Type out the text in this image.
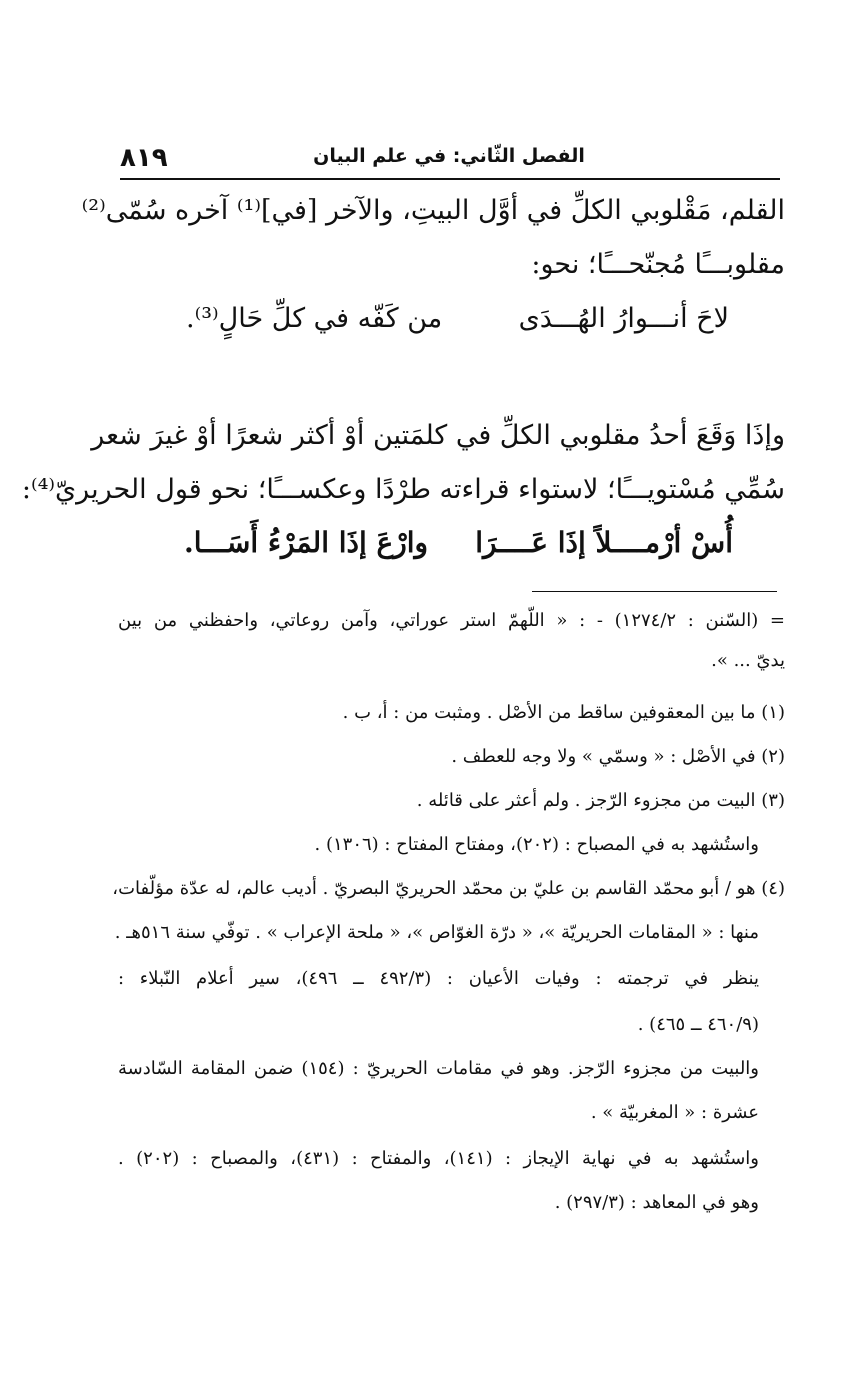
٨١٩	الفصل الثّاني: في علم البيان
القلم، مَقْلوبي الكلِّ في أوَّل البيتِ، والآخر [في]⁽¹⁾ آخره سُمّى⁽²⁾
مقلوبـــًا مُجنّحـــًا؛ نحو:
لاحَ أنـــوارُ الهُـــدَى
من كَفّه في كلِّ حَالٍ⁽³⁾.
وإذَا وَقَعَ أحدُ مقلوبي الكلِّ في كلمَتين أوْ أكثر شعرًا أوْ غيرَ شعر
سُمِّي مُسْتويـــًا؛ لاستواء قراءته طرْدًا وعكســـًا؛ نحو قول الحريريّ⁽⁴⁾:
أُسْ أرْمــــلاً إذَا عَــــرَا
وارْعَ إذَا المَرْءُ أَسَـــا.
= (السّنن : ١٢٧٤/٢) - : « اللّهمّ استر عوراتي، وآمن روعاتي، واحفظني من بين
يديّ ... ».
(١) ما بين المعقوفين ساقط من الأصْل . ومثبت من : أ، ب .
(٢) في الأصْل : « وسمّي » ولا وجه للعطف .
(٣) البيت من مجزوء الرّجز . ولم أعثر على قائله .
واستُشهد به في المصباح : (٢٠٢)، ومفتاح المفتاح : (١٣٠٦) .
(٤) هو / أبو محمّد القاسم بن عليّ بن محمّد الحريريّ البصريّ . أديب عالم، له عدّة مؤلّفات،
منها : « المقامات الحريريّة »، « درّة الغوّاص »، « ملحة الإعراب » . توفّي سنة ٥١٦هـ .
ينظر في ترجمته : وفيات الأعيان : (٤٩٢/٣ ــ ٤٩٦)، سير أعلام النّبلاء :
(٤٦٠/٩ ــ ٤٦٥) .
والبيت من مجزوء الرّجز. وهو في مقامات الحريريّ : (١٥٤) ضمن المقامة السّادسة
عشرة : « المغربيّة » .
واستُشهد به في نهاية الإيجاز : (١٤١)، والمفتاح : (٤٣١)، والمصباح : (٢٠٢) .
وهو في المعاهد : (٢٩٧/٣) .
